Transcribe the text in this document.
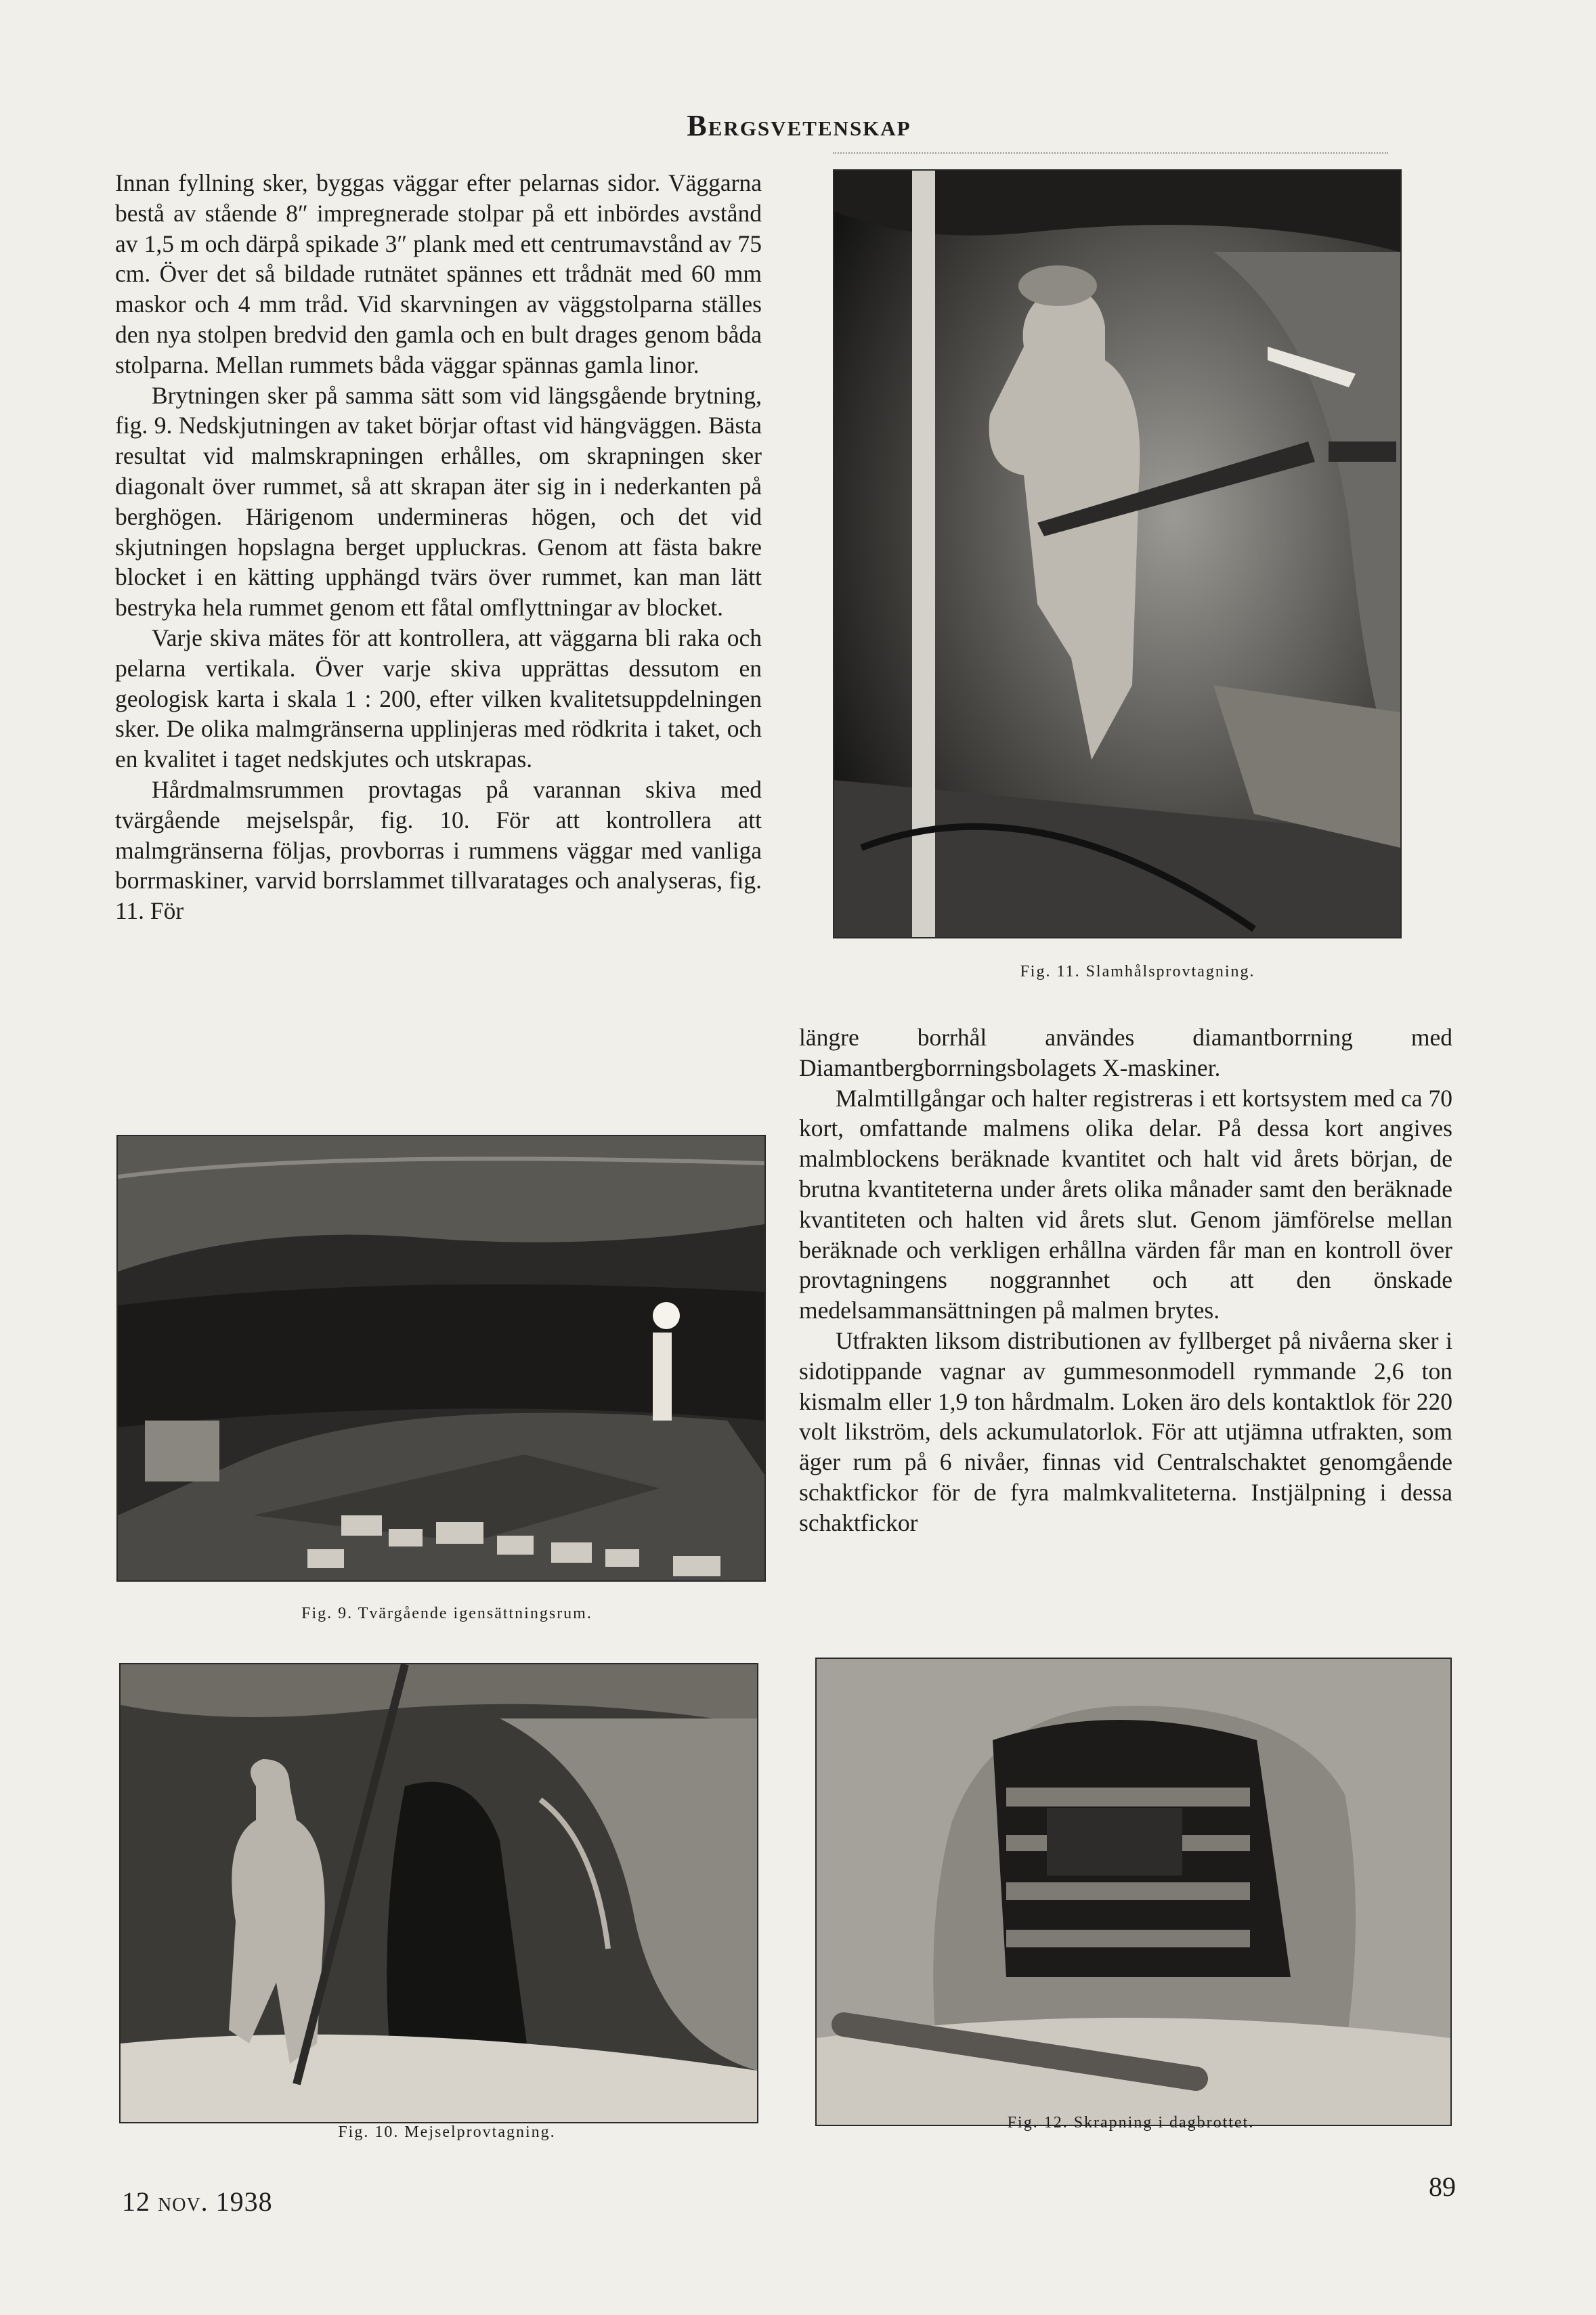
Bergsvetenskap

Innan fyllning sker, byggas väggar efter pelarnas sidor. Väggarna bestå av stående 8″ impregnerade stolpar på ett inbördes avstånd av 1,5 m och därpå spikade 3″ plank med ett centrumavstånd av 75 cm. Över det så bildade rutnätet spännes ett trådnät med 60 mm maskor och 4 mm tråd. Vid skarvningen av väggstolparna ställes den nya stolpen bredvid den gamla och en bult drages genom båda stolparna. Mellan rummets båda väggar spännas gamla linor.

Brytningen sker på samma sätt som vid längsgående brytning, fig. 9. Nedskjutningen av taket börjar oftast vid hängväggen. Bästa resultat vid malmskrapningen erhålles, om skrapningen sker diagonalt över rummet, så att skrapan äter sig in i nederkanten på berghögen. Härigenom undermineras högen, och det vid skjutningen hopslagna berget uppluckras. Genom att fästa bakre blocket i en kätting upphängd tvärs över rummet, kan man lätt bestryka hela rummet genom ett fåtal omflyttningar av blocket.

Varje skiva mätes för att kontrollera, att väggarna bli raka och pelarna vertikala. Över varje skiva upprättas dessutom en geologisk karta i skala 1 : 200, efter vilken kvalitetsuppdelningen sker. De olika malmgränserna upplinjeras med rödkrita i taket, och en kvalitet i taget nedskjutes och utskrapas.

Hårdmalmsrummen provtagas på varannan skiva med tvärgående mejselspår, fig. 10. För att kontrollera att malmgränserna följas, provborras i rummens väggar med vanliga borrmaskiner, varvid borrslammet tillvaratages och analyseras, fig. 11. För

Fig. 11. Slamhålsprovtagning.

längre borrhål användes diamantborrning med Diamantbergborrningsbolagets X-maskiner.

Malmtillgångar och halter registreras i ett kortsystem med ca 70 kort, omfattande malmens olika delar. På dessa kort angives malmblockens beräknade kvantitet och halt vid årets början, de brutna kvantiteterna under årets olika månader samt den beräknade kvantiteten och halten vid årets slut. Genom jämförelse mellan beräknade och verkligen erhållna värden får man en kontroll över provtagningens noggrannhet och att den önskade medelsammansättningen på malmen brytes.

Utfrakten liksom distributionen av fyllberget på nivåerna sker i sidotippande vagnar av gummesonmodell rymmande 2,6 ton kismalm eller 1,9 ton hårdmalm. Loken äro dels kontaktlok för 220 volt likström, dels ackumulatorlok. För att utjämna utfrakten, som äger rum på 6 nivåer, finnas vid Centralschaktet genomgående schaktfickor för de fyra malmkvaliteterna. Instjälpning i dessa schaktfickor

Fig. 9. Tvärgående igensättningsrum.
Fig. 10. Mejselprovtagning.
Fig. 12. Skrapning i dagbrottet.
12 nov. 1938	89
